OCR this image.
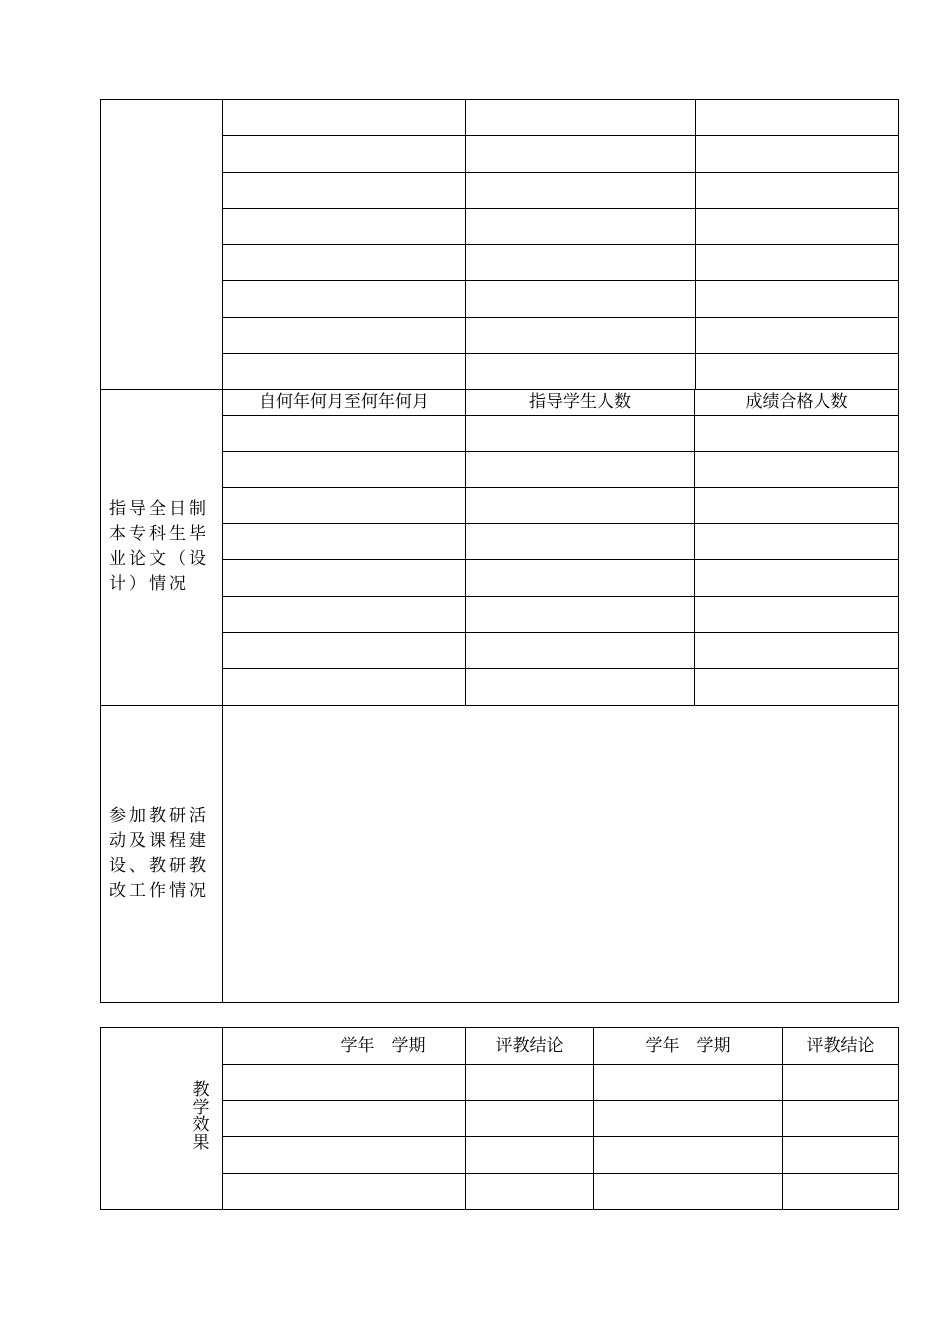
自何年何月至何年何月	指导学生人数	成绩合格人数
指导全日制本专科生毕业论文（设计）情况
参加教研活动及课程建设、教研教改工作情况
学年　学期	评教结论	学年　学期	评教结论
教学效果
